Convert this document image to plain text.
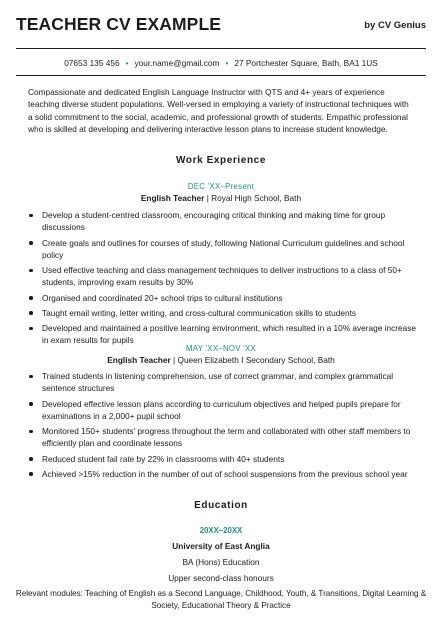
TEACHER CV EXAMPLE	by CV Genius
07653 135 456 • your.name@gmail.com • 27 Portchester Square, Bath, BA1 1US
Compassionate and dedicated English Language Instructor with QTS and 4+ years of experience teaching diverse student populations. Well-versed in employing a variety of instructional techniques with a solid commitment to the social, academic, and professional growth of students. Empathic professional who is skilled at developing and delivering interactive lesson plans to increase student knowledge.
Work Experience
DEC 'XX–Present
English Teacher | Royal High School, Bath
Develop a student-centred classroom, encouraging critical thinking and making time for group discussions
Create goals and outlines for courses of study, following National Curriculum guidelines and school policy
Used effective teaching and class management techniques to deliver instructions to a class of 50+ students, improving exam results by 30%
Organised and coordinated 20+ school trips to cultural institutions
Taught email writing, letter writing, and cross-cultural communication skills to students
Developed and maintained a positive learning environment, which resulted in a 10% average increase in exam results for pupils
MAY 'XX–NOV 'XX
English Teacher | Queen Elizabeth I Secondary School, Bath
Trained students in listening comprehension, use of correct grammar, and complex grammatical sentence structures
Developed effective lesson plans according to curriculum objectives and helped pupils prepare for examinations in a 2,000+ pupil school
Monitored 150+ students' progress throughout the term and collaborated with other staff members to efficiently plan and coordinate lessons
Reduced student fail rate by 22% in classrooms with 40+ students
Achieved >15% reduction in the number of out of school suspensions from the previous school year
Education
20XX–20XX
University of East Anglia
BA (Hons) Education
Upper second-class honours
Relevant modules: Teaching of English as a Second Language, Childhood, Youth, & Transitions, Digital Learning &
Society, Educational Theory & Practice
